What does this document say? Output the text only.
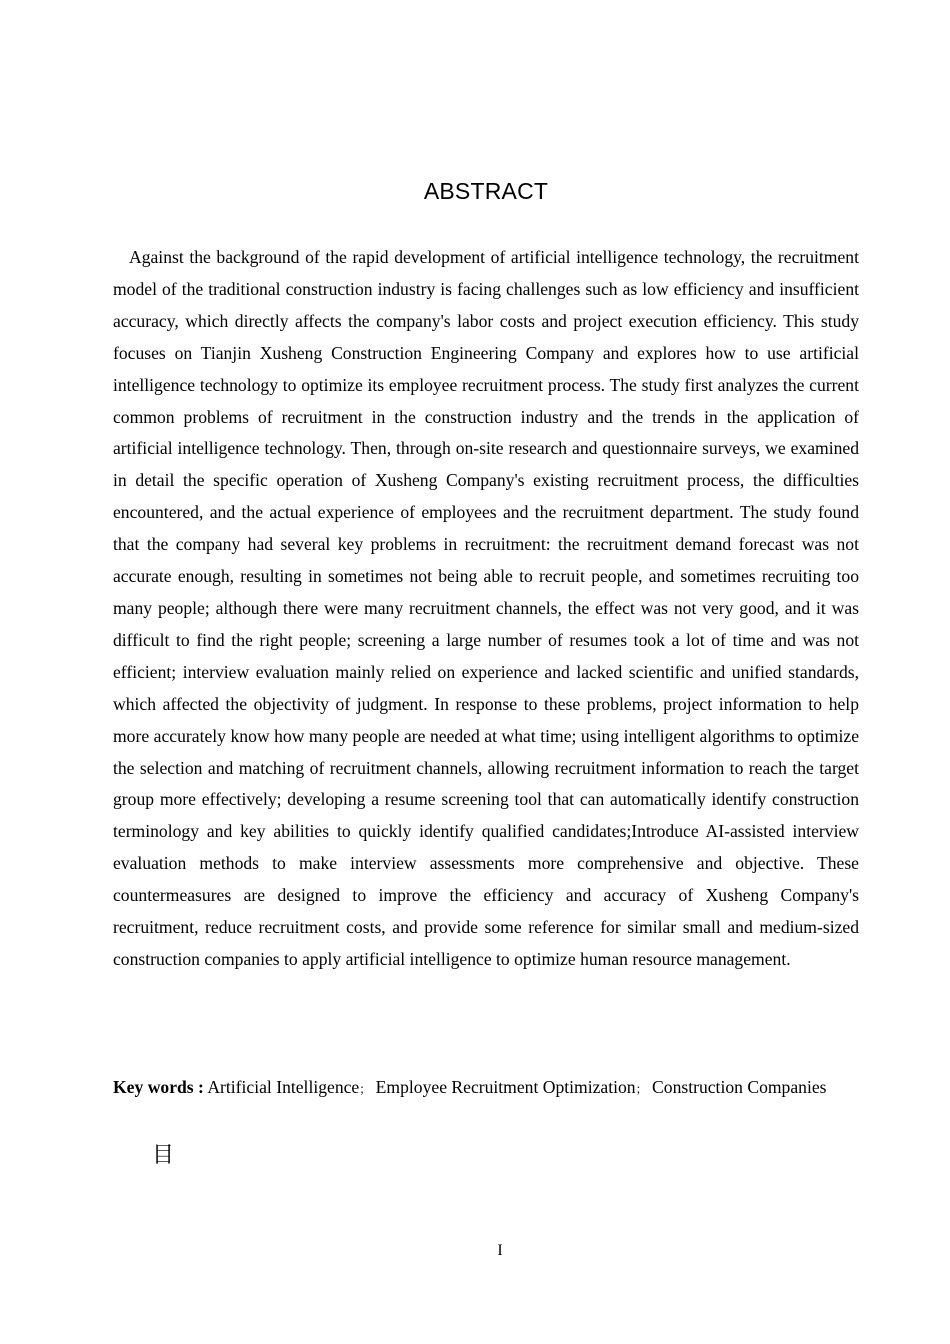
ABSTRACT

Against the background of the rapid development of artificial intelligence technology, the recruitment model of the traditional construction industry is facing challenges such as low efficiency and insufficient accuracy, which directly affects the company's labor costs and project execution efficiency. This study focuses on Tianjin Xusheng Construction Engineering Company and explores how to use artificial intelligence technology to optimize its employee recruitment process. The study first analyzes the current common problems of recruitment in the construction industry and the trends in the application of artificial intelligence technology. Then, through on-site research and questionnaire surveys, we examined in detail the specific operation of Xusheng Company's existing recruitment process, the difficulties encountered, and the actual experience of employees and the recruitment department. The study found that the company had several key problems in recruitment: the recruitment demand forecast was not accurate enough, resulting in sometimes not being able to recruit people, and sometimes recruiting too many people; although there were many recruitment channels, the effect was not very good, and it was difficult to find the right people; screening a large number of resumes took a lot of time and was not efficient; interview evaluation mainly relied on experience and lacked scientific and unified standards, which affected the objectivity of judgment. In response to these problems, project information to help more accurately know how many people are needed at what time; using intelligent algorithms to optimize the selection and matching of recruitment channels, allowing recruitment information to reach the target group more effectively; developing a resume screening tool that can automatically identify construction terminology and key abilities to quickly identify qualified candidates;Introduce AI-assisted interview evaluation methods to make interview assessments more comprehensive and objective. These countermeasures are designed to improve the efficiency and accuracy of Xusheng Company's recruitment, reduce recruitment costs, and provide some reference for similar small and medium-sized construction companies to apply artificial intelligence to optimize human resource management.

Key words : Artificial Intelligence； Employee Recruitment Optimization； Construction Companies

目
I
